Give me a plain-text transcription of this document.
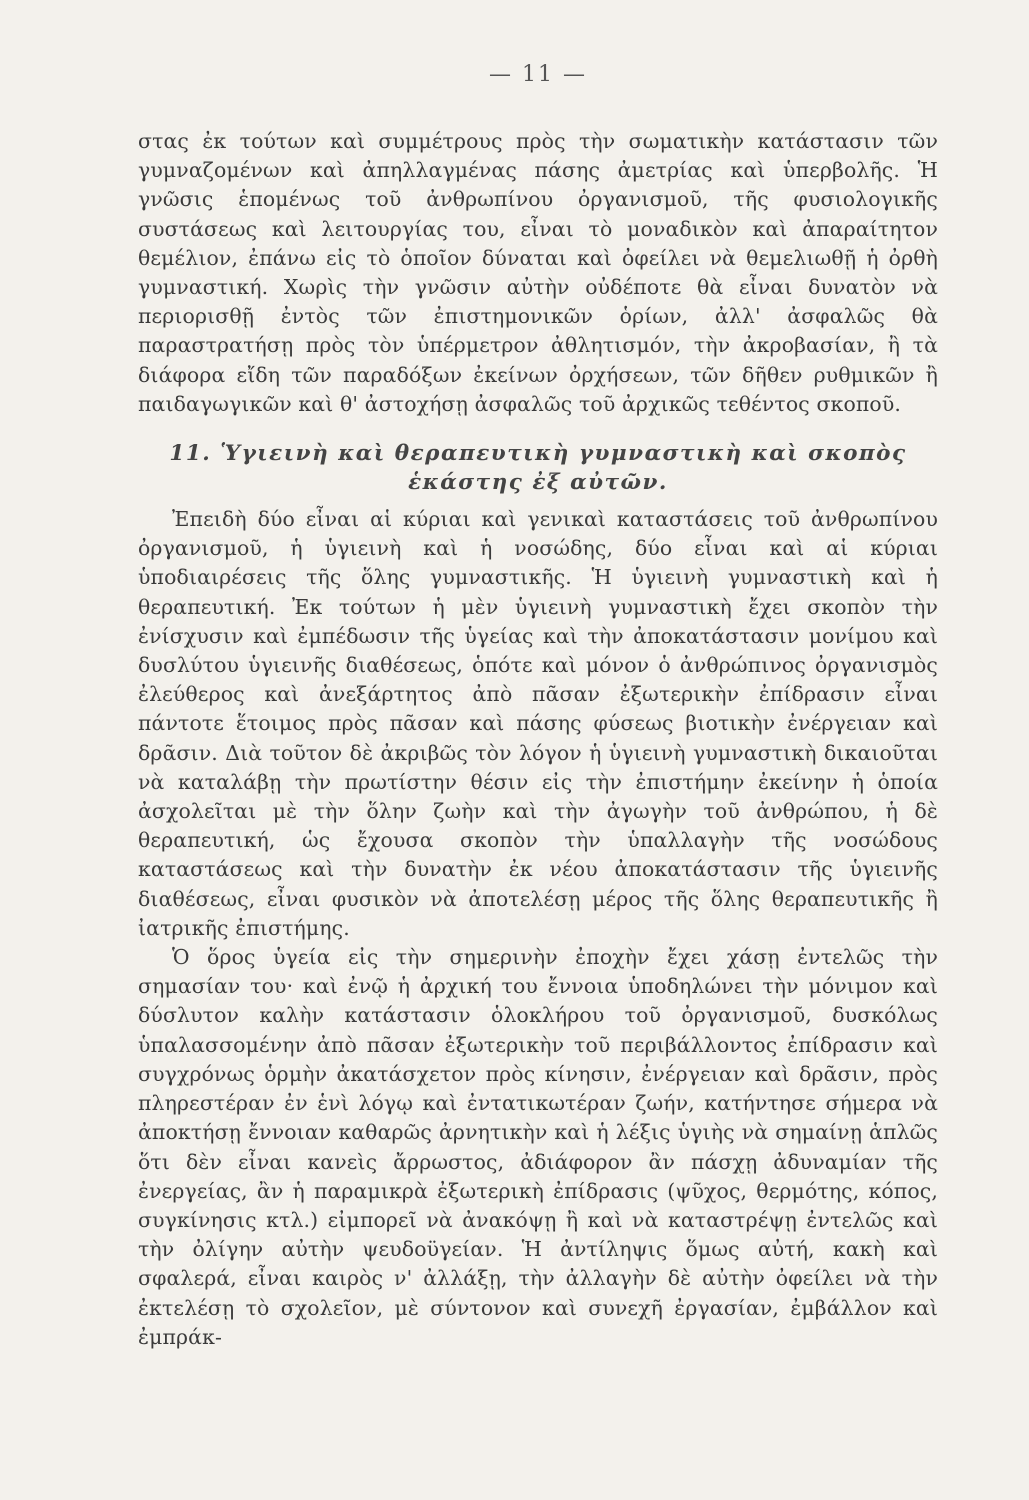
— 11 —

στας ἐκ τούτων καὶ συμμέτρους πρὸς τὴν σωματικὴν κατάστασιν τῶν γυμναζομένων καὶ ἀπηλλαγμένας πάσης ἀμετρίας καὶ ὑπερβολῆς. Ἡ γνῶσις ἑπομένως τοῦ ἀνθρωπίνου ὀργανισμοῦ, τῆς φυσιολογικῆς συστάσεως καὶ λειτουργίας του, εἶναι τὸ μοναδικὸν καὶ ἀπαραίτητον θεμέλιον, ἐπάνω εἰς τὸ ὁποῖον δύναται καὶ ὀφείλει νὰ θεμελιωθῇ ἡ ὀρθὴ γυμναστική. Χωρὶς τὴν γνῶσιν αὐτὴν οὐδέποτε θὰ εἶναι δυνατὸν νὰ περιορισθῇ ἐντὸς τῶν ἐπιστημονικῶν ὁρίων, ἀλλ' ἀσφαλῶς θὰ παραστρατήσῃ πρὸς τὸν ὑπέρμετρον ἀθλητισμόν, τὴν ἀκροβασίαν, ἢ τὰ διάφορα εἴδη τῶν παραδόξων ἐκείνων ὀρχήσεων, τῶν δῆθεν ρυθμικῶν ἢ παιδαγωγικῶν καὶ θ' ἀστοχήσῃ ἀσφαλῶς τοῦ ἀρχικῶς τεθέντος σκοποῦ.

11. Ὑγιεινὴ καὶ θεραπευτικὴ γυμναστικὴ καὶ σκοπὸς
ἑκάστης ἐξ αὐτῶν.

Ἐπειδὴ δύο εἶναι αἱ κύριαι καὶ γενικαὶ καταστάσεις τοῦ ἀνθρωπίνου ὀργανισμοῦ, ἡ ὑγιεινὴ καὶ ἡ νοσώδης, δύο εἶναι καὶ αἱ κύριαι ὑποδιαιρέσεις τῆς ὅλης γυμναστικῆς. Ἡ ὑγιεινὴ γυμναστικὴ καὶ ἡ θεραπευτική. Ἐκ τούτων ἡ μὲν ὑγιεινὴ γυμναστικὴ ἔχει σκοπὸν τὴν ἐνίσχυσιν καὶ ἐμπέδωσιν τῆς ὑγείας καὶ τὴν ἀποκατάστασιν μονίμου καὶ δυσλύτου ὑγιεινῆς διαθέσεως, ὁπότε καὶ μόνον ὁ ἀνθρώπινος ὀργανισμὸς ἐλεύθερος καὶ ἀνεξάρτητος ἀπὸ πᾶσαν ἐξωτερικὴν ἐπίδρασιν εἶναι πάντοτε ἕτοιμος πρὸς πᾶσαν καὶ πάσης φύσεως βιοτικὴν ἐνέργειαν καὶ δρᾶσιν. Διὰ τοῦτον δὲ ἀκριβῶς τὸν λόγον ἡ ὑγιεινὴ γυμναστικὴ δικαιοῦται νὰ καταλάβῃ τὴν πρωτίστην θέσιν εἰς τὴν ἐπιστήμην ἐκείνην ἡ ὁποία ἀσχολεῖται μὲ τὴν ὅλην ζωὴν καὶ τὴν ἀγωγὴν τοῦ ἀνθρώπου, ἡ δὲ θεραπευτική, ὡς ἔχουσα σκοπὸν τὴν ὑπαλλαγὴν τῆς νοσώδους καταστάσεως καὶ τὴν δυνατὴν ἐκ νέου ἀποκατάστασιν τῆς ὑγιεινῆς διαθέσεως, εἶναι φυσικὸν νὰ ἀποτελέσῃ μέρος τῆς ὅλης θεραπευτικῆς ἢ ἰατρικῆς ἐπιστήμης.

Ὁ ὅρος ὑγεία εἰς τὴν σημερινὴν ἐποχὴν ἔχει χάσῃ ἐντελῶς τὴν σημασίαν του· καὶ ἐνῷ ἡ ἀρχική του ἔννοια ὑποδηλώνει τὴν μόνιμον καὶ δύσλυτον καλὴν κατάστασιν ὁλοκλήρου τοῦ ὀργανισμοῦ, δυσκόλως ὑπαλασσομένην ἀπὸ πᾶσαν ἐξωτερικὴν τοῦ περιβάλλοντος ἐπίδρασιν καὶ συγχρόνως ὁρμὴν ἀκατάσχετον πρὸς κίνησιν, ἐνέργειαν καὶ δρᾶσιν, πρὸς πληρεστέραν ἐν ἑνὶ λόγῳ καὶ ἐντατικωτέραν ζωήν, κατήντησε σήμερα νὰ ἀποκτήσῃ ἔννοιαν καθαρῶς ἀρνητικὴν καὶ ἡ λέξις ὑγιὴς νὰ σημαίνῃ ἁπλῶς ὅτι δὲν εἶναι κανεὶς ἄρρωστος, ἀδιάφορον ἂν πάσχῃ ἀδυναμίαν τῆς ἐνεργείας, ἂν ἡ παραμικρὰ ἐξωτερικὴ ἐπίδρασις (ψῦχος, θερμότης, κόπος, συγκίνησις κτλ.) εἰμπορεῖ νὰ ἀνακόψῃ ἢ καὶ νὰ καταστρέψῃ ἐντελῶς καὶ τὴν ὀλίγην αὐτὴν ψευδοϋγείαν. Ἡ ἀντίληψις ὅμως αὐτή, κακὴ καὶ σφαλερά, εἶναι καιρὸς ν' ἀλλάξῃ, τὴν ἀλλαγὴν δὲ αὐτὴν ὀφείλει νὰ τὴν ἐκτελέσῃ τὸ σχολεῖον, μὲ σύντονον καὶ συνεχῆ ἐργασίαν, ἐμβάλλον καὶ ἐμπράκ-
